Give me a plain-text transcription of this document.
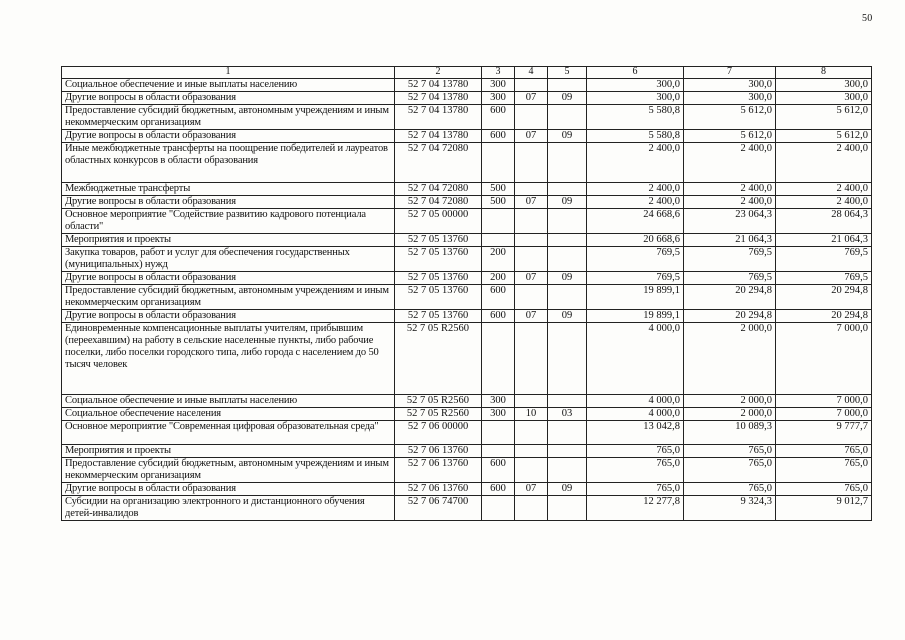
50
1	2	3	4	5	6	7	8
Социальное обеспечение и иные выплаты населению	52 7 04 13780	300			300,0	300,0	300,0
Другие вопросы в области образования	52 7 04 13780	300	07	09	300,0	300,0	300,0
Предоставление субсидий бюджетным, автономным учреждениям и иным некоммерческим организациям	52 7 04 13780	600			5 580,8	5 612,0	5 612,0
Другие вопросы в области образования	52 7 04 13780	600	07	09	5 580,8	5 612,0	5 612,0
Иные межбюджетные трансферты на поощрение победителей и лауреатов областных конкурсов в области образования	52 7 04 72080				2 400,0	2 400,0	2 400,0
Межбюджетные трансферты	52 7 04 72080	500			2 400,0	2 400,0	2 400,0
Другие вопросы в области образования	52 7 04 72080	500	07	09	2 400,0	2 400,0	2 400,0
Основное мероприятие "Содействие развитию кадрового потенциала области"	52 7 05 00000				24 668,6	23 064,3	28 064,3
Мероприятия и проекты	52 7 05 13760				20 668,6	21 064,3	21 064,3
Закупка товаров, работ и услуг для обеспечения государственных (муниципальных) нужд	52 7 05 13760	200			769,5	769,5	769,5
Другие вопросы в области образования	52 7 05 13760	200	07	09	769,5	769,5	769,5
Предоставление субсидий бюджетным, автономным учреждениям и иным некоммерческим организациям	52 7 05 13760	600			19 899,1	20 294,8	20 294,8
Другие вопросы в области образования	52 7 05 13760	600	07	09	19 899,1	20 294,8	20 294,8
Единовременные компенсационные выплаты учителям, прибывшим (переехавшим) на работу в сельские населенные пункты, либо рабочие поселки, либо поселки городского типа, либо города с населением до 50 тысяч человек	52 7 05 R2560				4 000,0	2 000,0	7 000,0
Социальное обеспечение и иные выплаты населению	52 7 05 R2560	300			4 000,0	2 000,0	7 000,0
Социальное обеспечение населения	52 7 05 R2560	300	10	03	4 000,0	2 000,0	7 000,0
Основное мероприятие "Современная цифровая образовательная среда"	52 7 06 00000				13 042,8	10 089,3	9 777,7
Мероприятия и проекты	52 7 06 13760				765,0	765,0	765,0
Предоставление субсидий бюджетным, автономным учреждениям и иным некоммерческим организациям	52 7 06 13760	600			765,0	765,0	765,0
Другие вопросы в области образования	52 7 06 13760	600	07	09	765,0	765,0	765,0
Субсидии на организацию электронного и дистанционного обучения детей-инвалидов	52 7 06 74700				12 277,8	9 324,3	9 012,7
